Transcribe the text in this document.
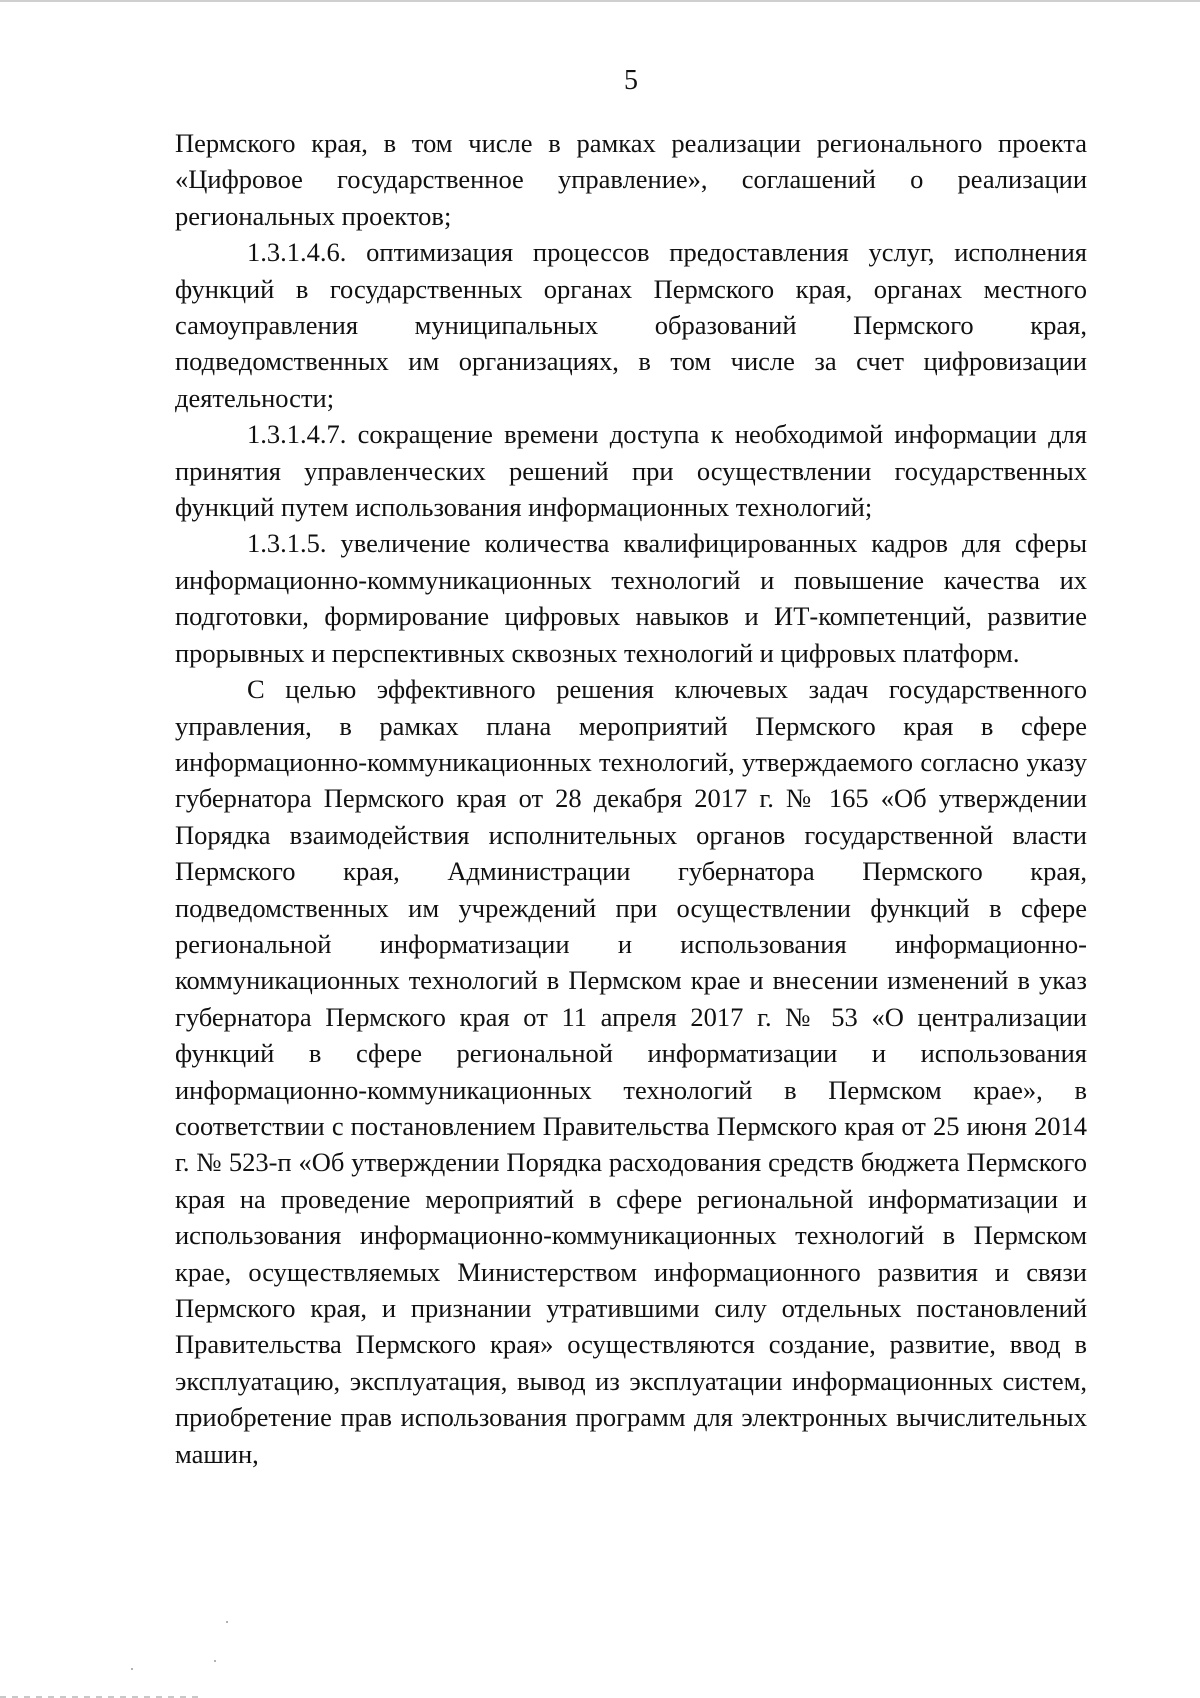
5

Пермского края, в том числе в рамках реализации регионального проекта «Цифровое государственное управление», соглашений о реализации региональных проектов;

1.3.1.4.6. оптимизация процессов предоставления услуг, исполнения функций в государственных органах Пермского края, органах местного самоуправления муниципальных образований Пермского края, подведомственных им организациях, в том числе за счет цифровизации деятельности;

1.3.1.4.7. сокращение времени доступа к необходимой информации для принятия управленческих решений при осуществлении государственных функций путем использования информационных технологий;

1.3.1.5. увеличение количества квалифицированных кадров для сферы информационно-коммуникационных технологий и повышение качества их подготовки, формирование цифровых навыков и ИТ-компетенций, развитие прорывных и перспективных сквозных технологий и цифровых платформ.

С целью эффективного решения ключевых задач государственного управления, в рамках плана мероприятий Пермского края в сфере информационно-коммуникационных технологий, утверждаемого согласно указу губернатора Пермского края от 28 декабря 2017 г. № 165 «Об утверждении Порядка взаимодействия исполнительных органов государственной власти Пермского края, Администрации губернатора Пермского края, подведомственных им учреждений при осуществлении функций в сфере региональной информатизации и использования информационно-коммуникационных технологий в Пермском крае и внесении изменений в указ губернатора Пермского края от 11 апреля 2017 г. № 53 «О централизации функций в сфере региональной информатизации и использования информационно-коммуникационных технологий в Пермском крае», в соответствии с постановлением Правительства Пермского края от 25 июня 2014 г. № 523-п «Об утверждении Порядка расходования средств бюджета Пермского края на проведение мероприятий в сфере региональной информатизации и использования информационно-коммуникационных технологий в Пермском крае, осуществляемых Министерством информационного развития и связи Пермского края, и признании утратившими силу отдельных постановлений Правительства Пермского края» осуществляются создание, развитие, ввод в эксплуатацию, эксплуатация, вывод из эксплуатации информационных систем, приобретение прав использования программ для электронных вычислительных машин,
